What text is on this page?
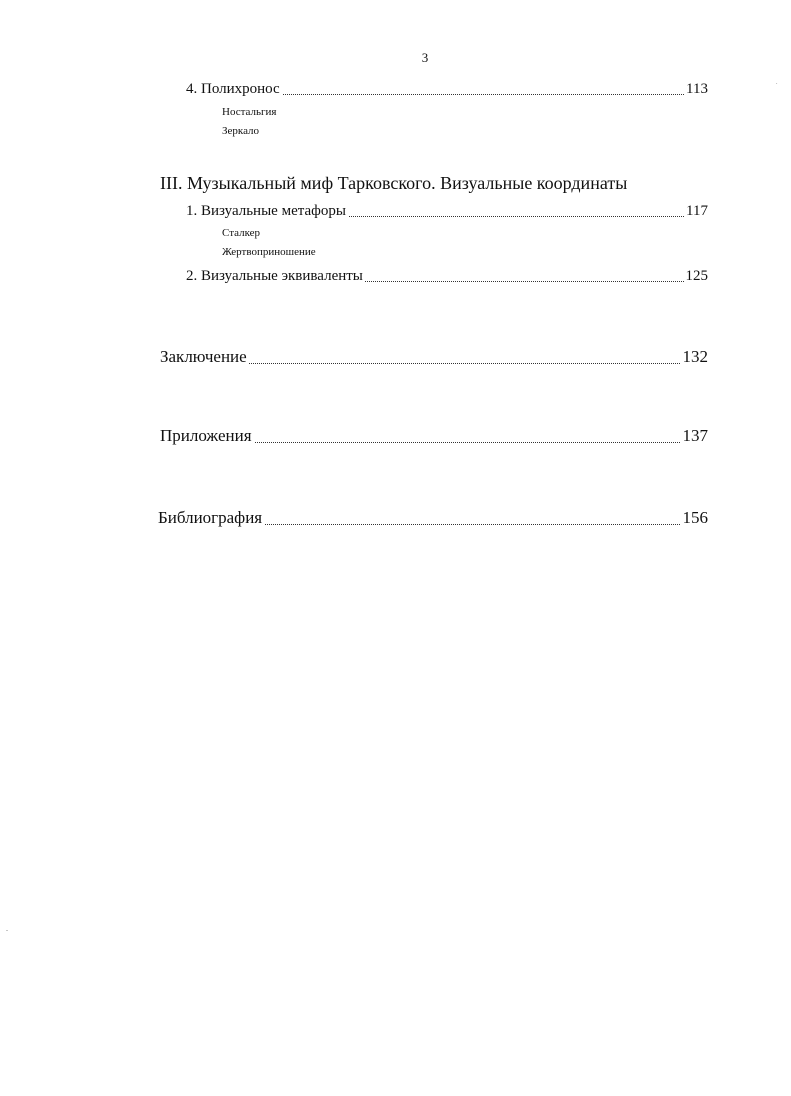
3
.
-
4. Полихронос	113
Ностальгия
Зеркало
III. Музыкальный миф Тарковского. Визуальные координаты
1. Визуальные метафоры	117
Сталкер
Жертвоприношение
2. Визуальные эквиваленты	125
Заключение	132
Приложения	137
Библиография	156
